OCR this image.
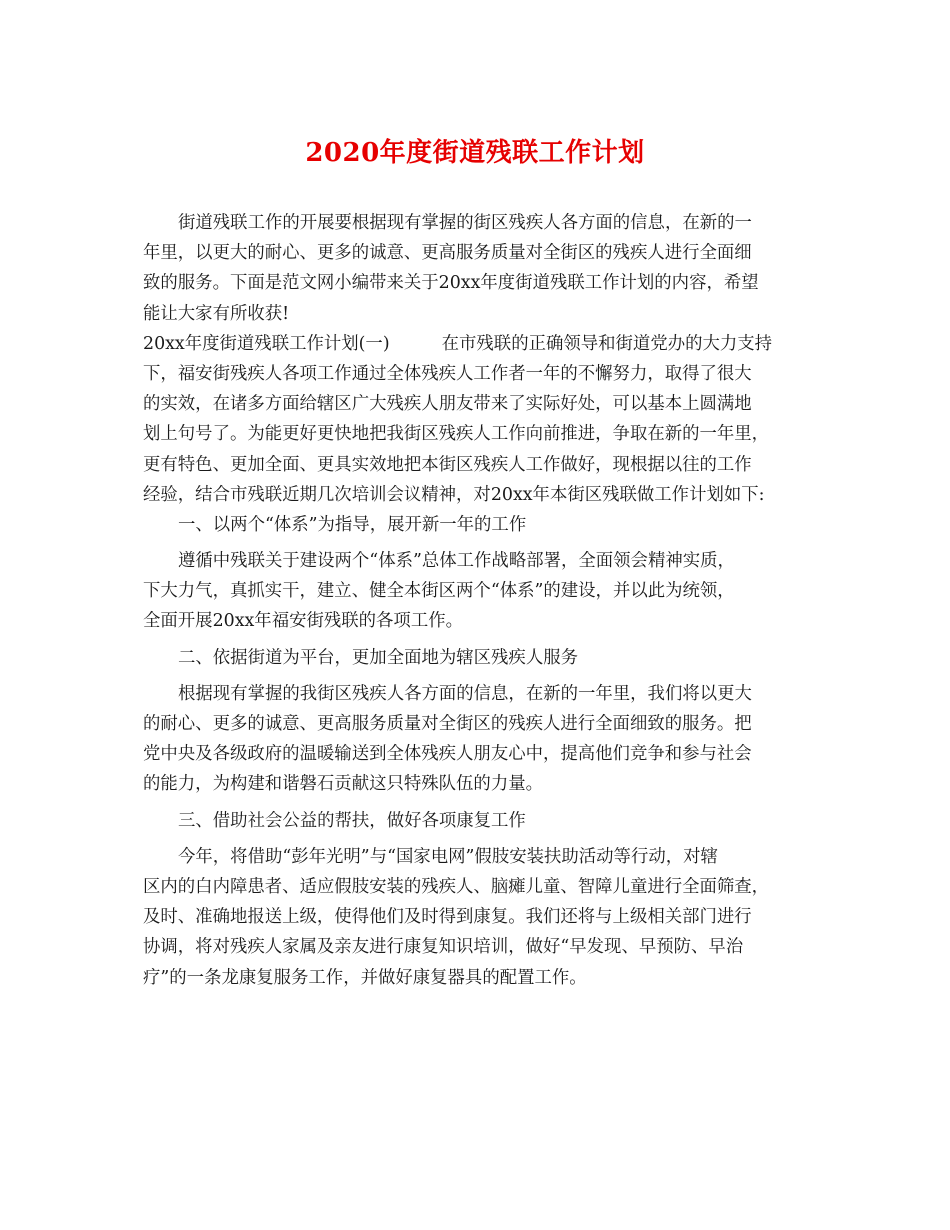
2020年度街道残联工作计划
街道残联工作的开展要根据现有掌握的街区残疾人各方面的信息，在新的一
年里，以更大的耐心、更多的诚意、更高服务质量对全街区的残疾人进行全面细
致的服务。下面是范文网小编带来关于20xx年度街道残联工作计划的内容，希望
能让大家有所收获!
20xx年度街道残联工作计划(一)	在市残联的正确领导和街道党办的大力支持
下，福安街残疾人各项工作通过全体残疾人工作者一年的不懈努力，取得了很大
的实效，在诸多方面给辖区广大残疾人朋友带来了实际好处，可以基本上圆满地
划上句号了。为能更好更快地把我街区残疾人工作向前推进，争取在新的一年里，
更有特色、更加全面、更具实效地把本街区残疾人工作做好，现根据以往的工作
经验，结合市残联近期几次培训会议精神，对20xx年本街区残联做工作计划如下:
一、以两个“体系”为指导，展开新一年的工作
遵循中残联关于建设两个“体系”总体工作战略部署，全面领会精神实质，
下大力气，真抓实干，建立、健全本街区两个“体系”的建设，并以此为统领，
全面开展20xx年福安街残联的各项工作。
二、依据街道为平台，更加全面地为辖区残疾人服务
根据现有掌握的我街区残疾人各方面的信息，在新的一年里，我们将以更大
的耐心、更多的诚意、更高服务质量对全街区的残疾人进行全面细致的服务。把
党中央及各级政府的温暖输送到全体残疾人朋友心中，提高他们竞争和参与社会
的能力，为构建和谐磐石贡献这只特殊队伍的力量。
三、借助社会公益的帮扶，做好各项康复工作
今年，将借助“彭年光明”与“国家电网”假肢安装扶助活动等行动，对辖
区内的白内障患者、适应假肢安装的残疾人、脑瘫儿童、智障儿童进行全面筛查，
及时、准确地报送上级，使得他们及时得到康复。我们还将与上级相关部门进行
协调，将对残疾人家属及亲友进行康复知识培训，做好“早发现、早预防、早治
疗”的一条龙康复服务工作，并做好康复器具的配置工作。
